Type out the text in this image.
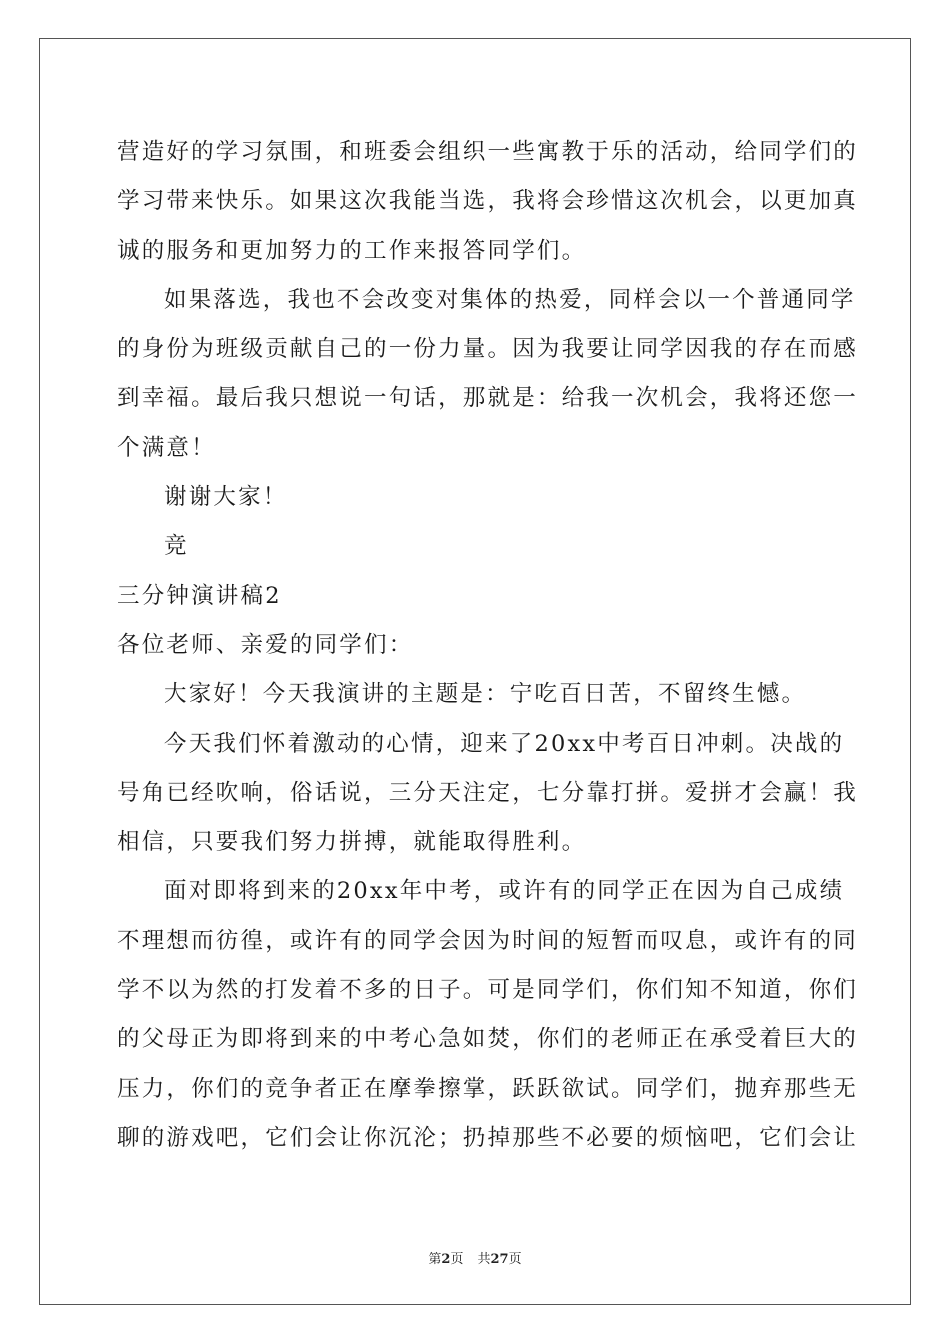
营造好的学习氛围，和班委会组织一些寓教于乐的活动，给同学们的
学习带来快乐。如果这次我能当选，我将会珍惜这次机会，以更加真
诚的服务和更加努力的工作来报答同学们。
如果落选，我也不会改变对集体的热爱，同样会以一个普通同学
的身份为班级贡献自己的一份力量。因为我要让同学因我的存在而感
到幸福。最后我只想说一句话，那就是：给我一次机会，我将还您一
个满意！
谢谢大家！
竞
三分钟演讲稿2
各位老师、亲爱的同学们：
大家好！今天我演讲的主题是：宁吃百日苦，不留终生憾。
今天我们怀着激动的心情，迎来了20xx中考百日冲刺。决战的
号角已经吹响，俗话说，三分天注定，七分靠打拼。爱拼才会赢！我
相信，只要我们努力拼搏，就能取得胜利。
面对即将到来的20xx年中考，或许有的同学正在因为自己成绩
不理想而彷徨，或许有的同学会因为时间的短暂而叹息，或许有的同
学不以为然的打发着不多的日子。可是同学们，你们知不知道，你们
的父母正为即将到来的中考心急如焚，你们的老师正在承受着巨大的
压力，你们的竞争者正在摩拳擦掌，跃跃欲试。同学们，抛弃那些无
聊的游戏吧，它们会让你沉沦；扔掉那些不必要的烦恼吧，它们会让
第2页 共27页
